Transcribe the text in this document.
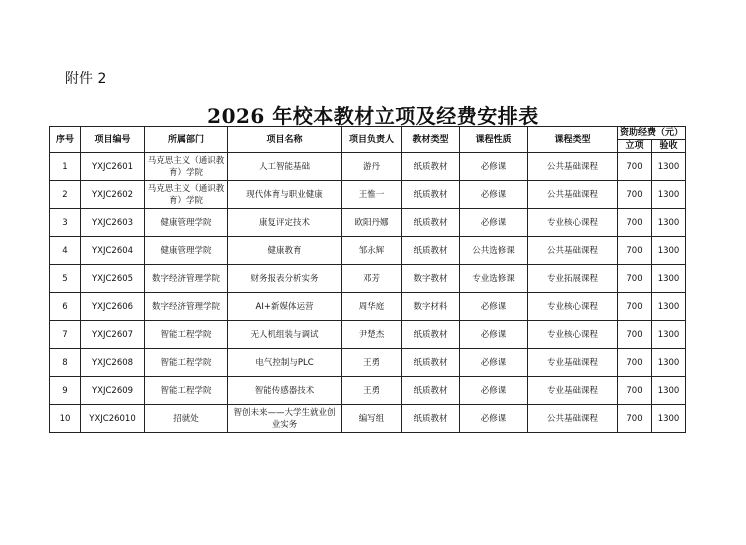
附件 2
2026 年校本教材立项及经费安排表
序号	项目编号	所属部门	项目名称	项目负责人	教材类型	课程性质	课程类型	资助经费（元）	
								立项	验收
1	YXJC2601	马克思主义（通识教育）学院	人工智能基础	游丹	纸质教材	必修课	公共基础课程	700	1300
2	YXJC2602	马克思主义（通识教育）学院	现代体育与职业健康	王惟一	纸质教材	必修课	公共基础课程	700	1300
3	YXJC2603	健康管理学院	康复评定技术	欧阳丹娜	纸质教材	必修课	专业核心课程	700	1300
4	YXJC2604	健康管理学院	健康教育	邹永辉	纸质教材	公共选修课	公共基础课程	700	1300
5	YXJC2605	数字经济管理学院	财务报表分析实务	邓芳	数字教材	专业选修课	专业拓展课程	700	1300
6	YXJC2606	数字经济管理学院	AI+新媒体运营	周华庭	数字材料	必修课	专业核心课程	700	1300
7	YXJC2607	智能工程学院	无人机组装与调试	尹楚杰	纸质教材	必修课	专业核心课程	700	1300
8	YXJC2608	智能工程学院	电气控制与PLC	王勇	纸质教材	必修课	专业基础课程	700	1300
9	YXJC2609	智能工程学院	智能传感器技术	王勇	纸质教材	必修课	专业基础课程	700	1300
10	YXJC26010	招就处	智创未来——大学生就业创业实务	编写组	纸质教材	必修课	公共基础课程	700	1300
